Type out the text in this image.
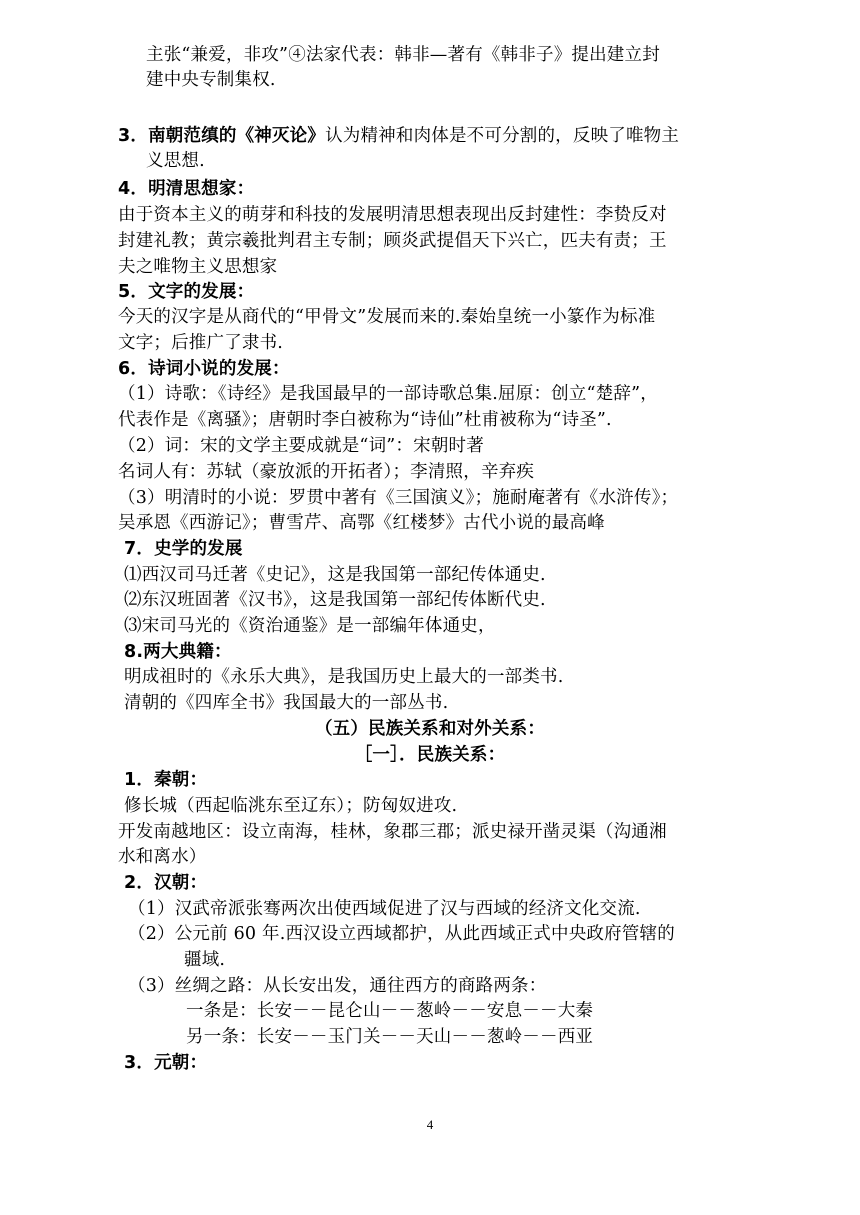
主张“兼爱，非攻”④法家代表：韩非—著有《韩非子》提出建立封
建中央专制集权.
3．南朝范缜的《神灭论》认为精神和肉体是不可分割的，反映了唯物主
义思想.
4．明清思想家：
由于资本主义的萌芽和科技的发展明清思想表现出反封建性：李贽反对
封建礼教；黄宗羲批判君主专制；顾炎武提倡天下兴亡，匹夫有责；王
夫之唯物主义思想家
5．文字的发展：
今天的汉字是从商代的“甲骨文”发展而来的.秦始皇统一小篆作为标准
文字；后推广了隶书.
6．诗词小说的发展：
（1）诗歌：《诗经》是我国最早的一部诗歌总集.屈原：创立“楚辞”，
代表作是《离骚》；唐朝时李白被称为“诗仙”杜甫被称为“诗圣”.
（2）词：宋的文学主要成就是“词”：宋朝时著
名词人有：苏轼（豪放派的开拓者）；李清照，辛弃疾
（3）明清时的小说：罗贯中著有《三国演义》；施耐庵著有《水浒传》；
吴承恩《西游记》；曹雪芹、高鄂《红楼梦》古代小说的最高峰
7．史学的发展
⑴西汉司马迁著《史记》，这是我国第一部纪传体通史.
⑵东汉班固著《汉书》，这是我国第一部纪传体断代史.
⑶宋司马光的《资治通鉴》是一部编年体通史，
8.两大典籍：
明成祖时的《永乐大典》，是我国历史上最大的一部类书.
清朝的《四库全书》我国最大的一部丛书.
（五）民族关系和对外关系：
［一］．民族关系：
1．秦朝：
修长城（西起临洮东至辽东）；防匈奴进攻.
开发南越地区：设立南海，桂林，象郡三郡；派史禄开凿灵渠（沟通湘
水和离水）
2．汉朝：
（1）汉武帝派张骞两次出使西域促进了汉与西域的经济文化交流.
（2）公元前 60 年.西汉设立西域都护，从此西域正式中央政府管辖的
疆域.
（3）丝绸之路：从长安出发，通往西方的商路两条：
一条是：长安－－昆仑山－－葱岭－－安息－－大秦
另一条：长安－－玉门关－－天山－－葱岭－－西亚
3．元朝：
4
